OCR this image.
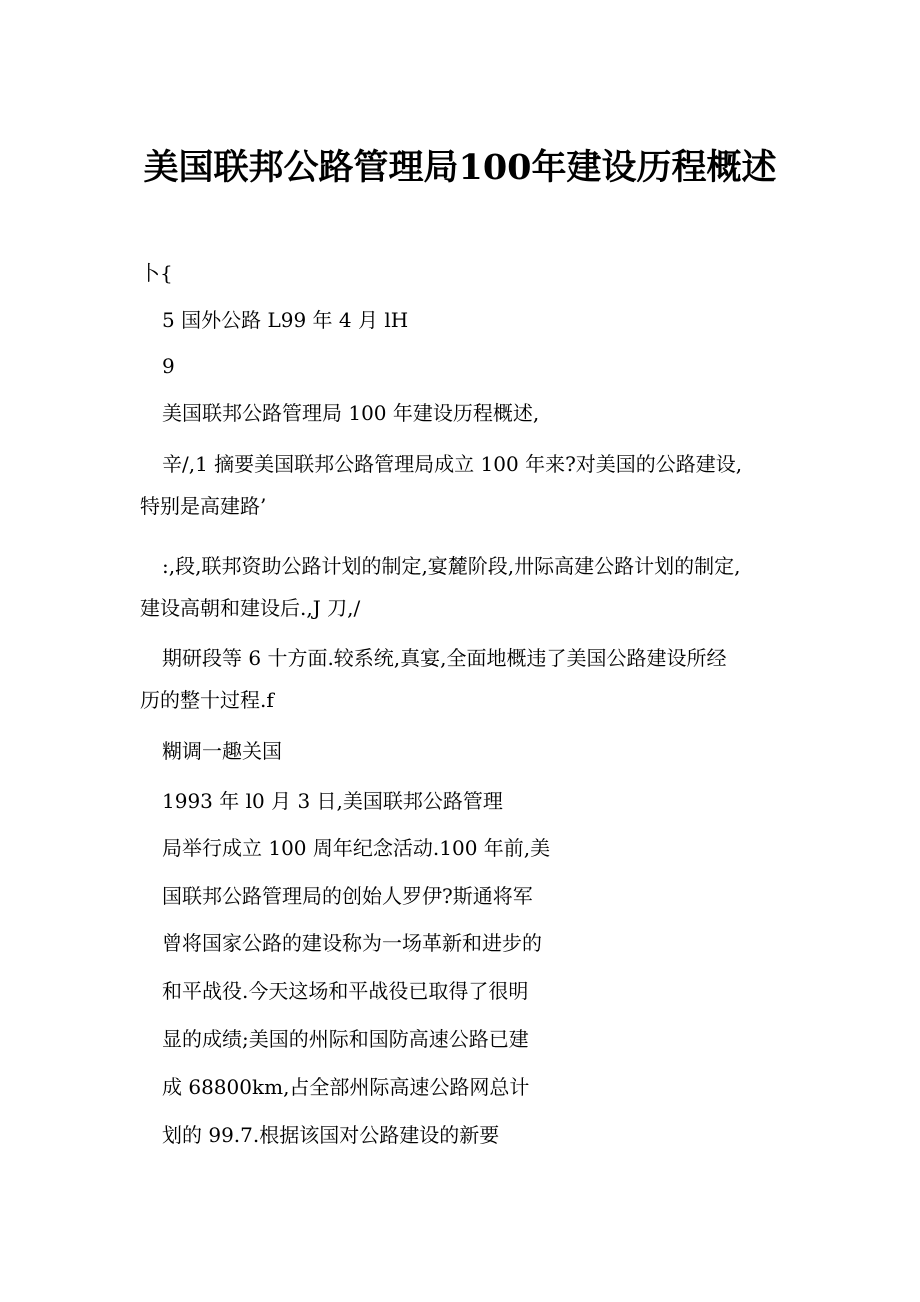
美国联邦公路管理局100年建设历程概述
卜{
5 国外公路 L99 年 4 月 lH
9
美国联邦公路管理局 100 年建设历程概述,
辛/,1 摘要美国联邦公路管理局成立 100 年来?对美国的公路建设,
特别是高建路’
:,段,联邦资助公路计划的制定,宴麓阶段,卅际高建公路计划的制定,
建设高朝和建设后.,J 刀,/
期研段等 6 十方面.较系统,真宴,全面地概违了美国公路建设所经
历的整十过程.f
糊调一趣关国
1993 年 l0 月 3 日,美国联邦公路管理
局举行成立 100 周年纪念活动.100 年前,美
国联邦公路管理局的创始人罗伊?斯通将军
曾将国家公路的建设称为一场革新和进步的
和平战役.今天这场和平战役已取得了很明
显的成绩;美国的州际和国防高速公路已建
成 68800km,占全部州际高速公路网总计
划的 99.7.根据该国对公路建设的新要
